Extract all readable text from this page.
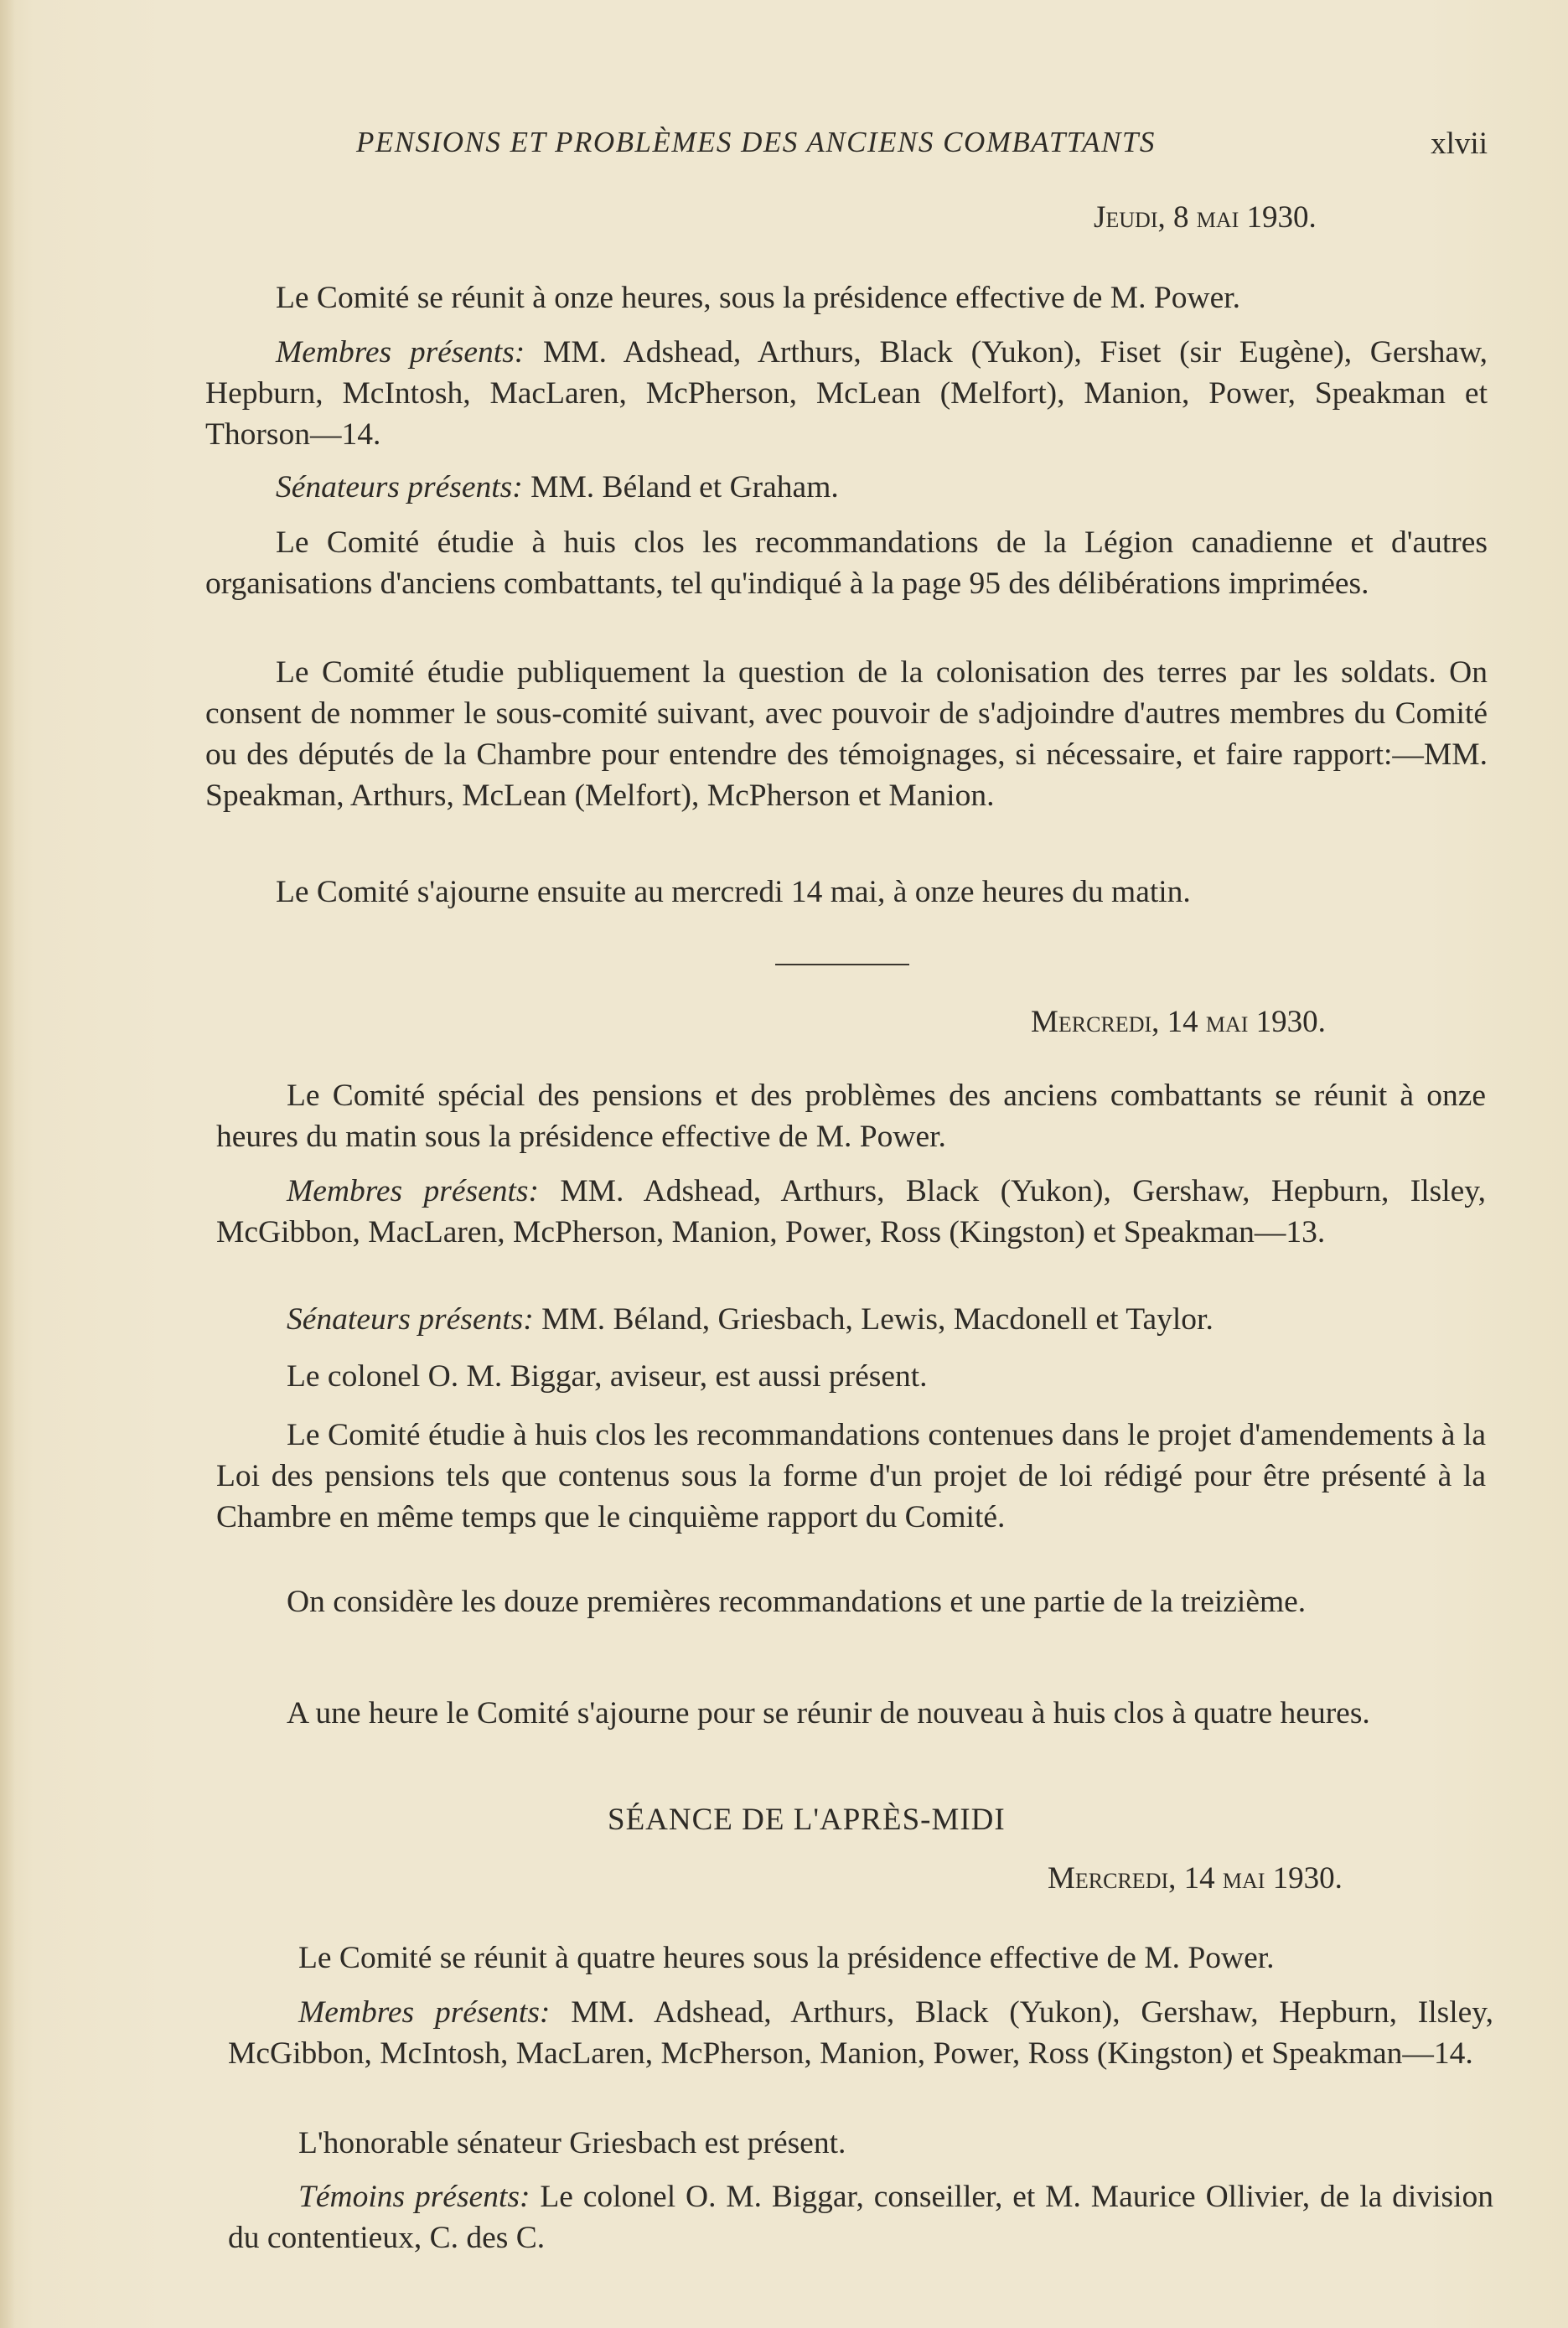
PENSIONS ET PROBLÈMES DES ANCIENS COMBATTANTS	xlvii
Jeudi, 8 mai 1930.

Le Comité se réunit à onze heures, sous la présidence effective de M. Power.

Membres présents: MM. Adshead, Arthurs, Black (Yukon), Fiset (sir Eugène), Gershaw, Hepburn, McIntosh, MacLaren, McPherson, McLean (Melfort), Manion, Power, Speakman et Thorson—14.

Sénateurs présents: MM. Béland et Graham.

Le Comité étudie à huis clos les recommandations de la Légion canadienne et d'autres organisations d'anciens combattants, tel qu'indiqué à la page 95 des délibérations imprimées.

Le Comité étudie publiquement la question de la colonisation des terres par les soldats. On consent de nommer le sous-comité suivant, avec pouvoir de s'adjoindre d'autres membres du Comité ou des députés de la Chambre pour entendre des témoignages, si nécessaire, et faire rapport:—MM. Speakman, Arthurs, McLean (Melfort), McPherson et Manion.

Le Comité s'ajourne ensuite au mercredi 14 mai, à onze heures du matin.

Mercredi, 14 mai 1930.

Le Comité spécial des pensions et des problèmes des anciens combattants se réunit à onze heures du matin sous la présidence effective de M. Power.

Membres présents: MM. Adshead, Arthurs, Black (Yukon), Gershaw, Hepburn, Ilsley, McGibbon, MacLaren, McPherson, Manion, Power, Ross (Kingston) et Speakman—13.

Sénateurs présents: MM. Béland, Griesbach, Lewis, Macdonell et Taylor.

Le colonel O. M. Biggar, aviseur, est aussi présent.

Le Comité étudie à huis clos les recommandations contenues dans le projet d'amendements à la Loi des pensions tels que contenus sous la forme d'un projet de loi rédigé pour être présenté à la Chambre en même temps que le cinquième rapport du Comité.

On considère les douze premières recommandations et une partie de la treizième.

A une heure le Comité s'ajourne pour se réunir de nouveau à huis clos à quatre heures.

SÉANCE DE L'APRÈS-MIDI
Mercredi, 14 mai 1930.

Le Comité se réunit à quatre heures sous la présidence effective de M. Power.

Membres présents: MM. Adshead, Arthurs, Black (Yukon), Gershaw, Hepburn, Ilsley, McGibbon, McIntosh, MacLaren, McPherson, Manion, Power, Ross (Kingston) et Speakman—14.

L'honorable sénateur Griesbach est présent.

Témoins présents: Le colonel O. M. Biggar, conseiller, et M. Maurice Ollivier, de la division du contentieux, C. des C.
